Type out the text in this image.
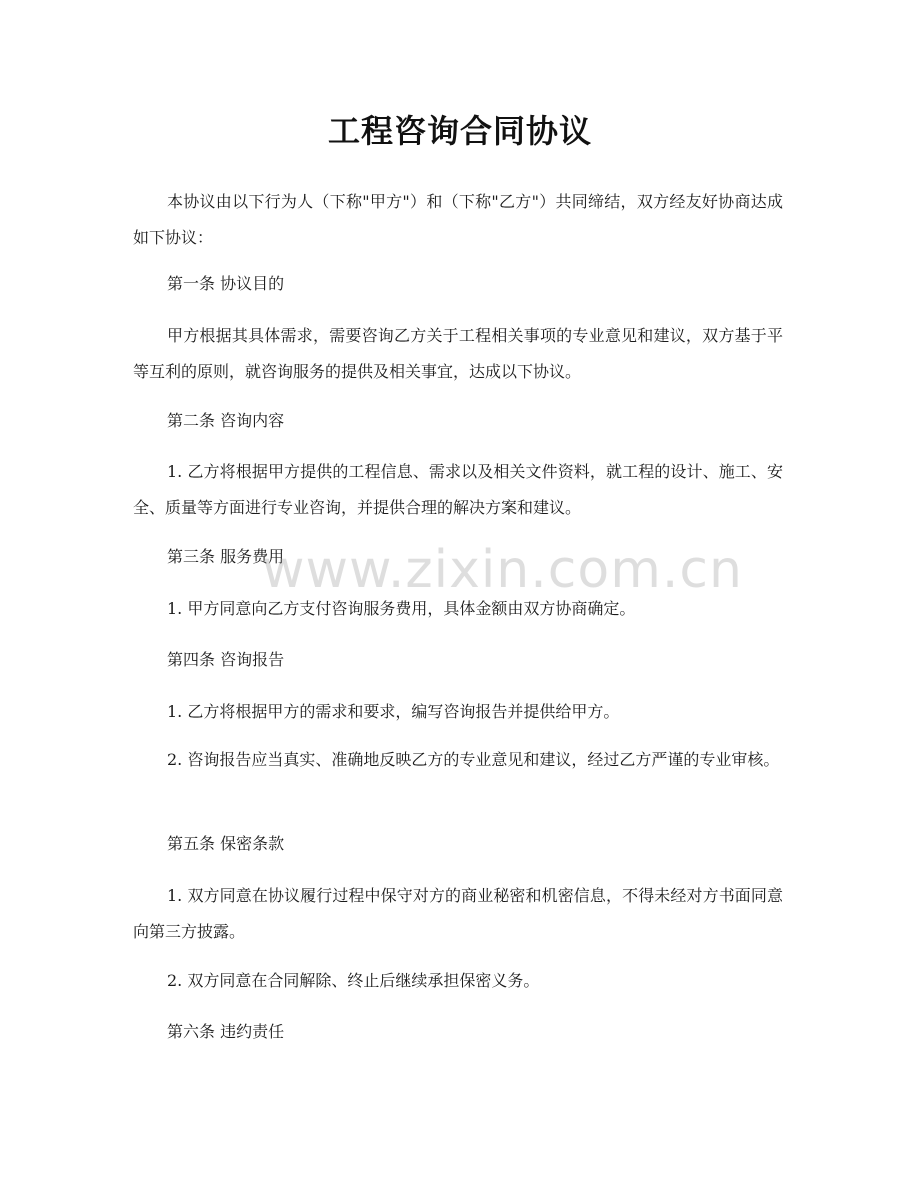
工程咨询合同协议

本协议由以下行为人（下称"甲方"）和（下称"乙方"）共同缔结，双方经友好协商达成如下协议：

第一条 协议目的

甲方根据其具体需求，需要咨询乙方关于工程相关事项的专业意见和建议，双方基于平等互利的原则，就咨询服务的提供及相关事宜，达成以下协议。

第二条 咨询内容

1. 乙方将根据甲方提供的工程信息、需求以及相关文件资料，就工程的设计、施工、安全、质量等方面进行专业咨询，并提供合理的解决方案和建议。

第三条 服务费用

1. 甲方同意向乙方支付咨询服务费用，具体金额由双方协商确定。

第四条 咨询报告

1. 乙方将根据甲方的需求和要求，编写咨询报告并提供给甲方。

2. 咨询报告应当真实、准确地反映乙方的专业意见和建议，经过乙方严谨的专业审核。

第五条 保密条款

1. 双方同意在协议履行过程中保守对方的商业秘密和机密信息，不得未经对方书面同意向第三方披露。

2. 双方同意在合同解除、终止后继续承担保密义务。

第六条 违约责任

www.zixin.com.cn
